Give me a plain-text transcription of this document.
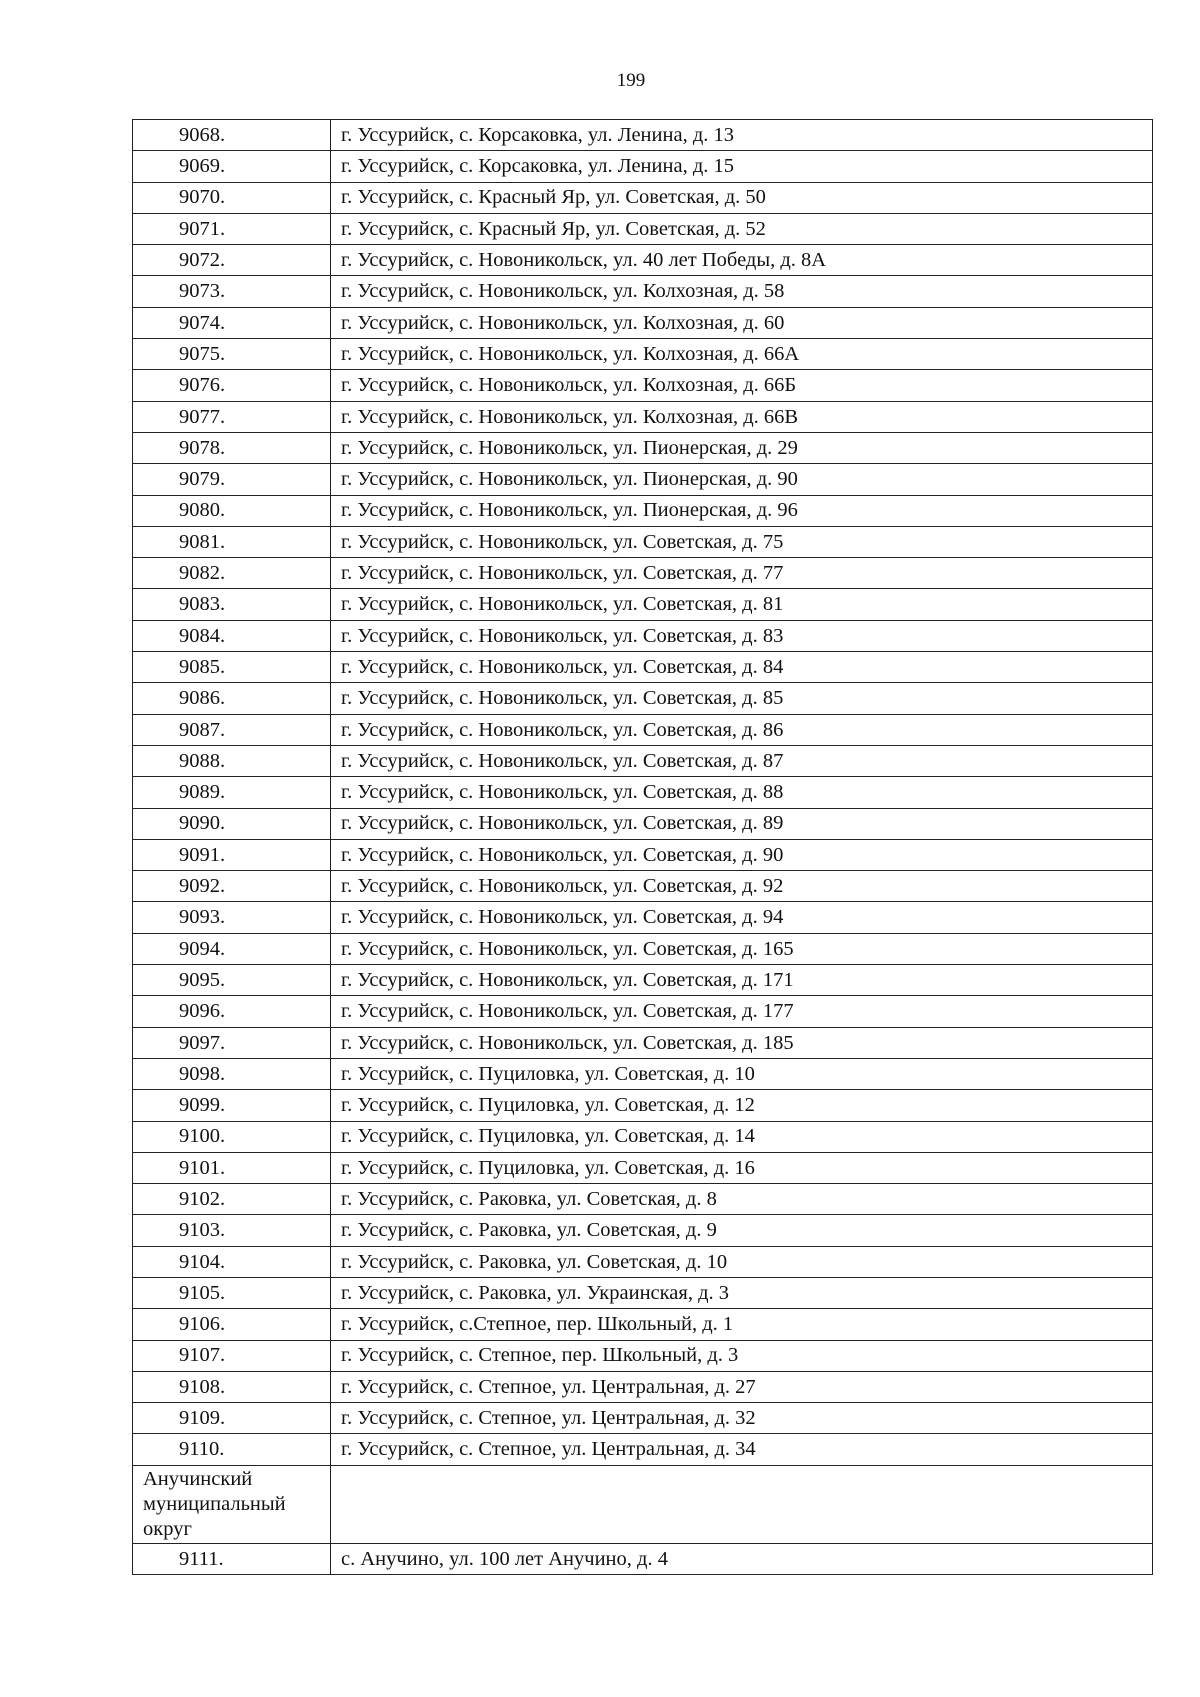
199
9068.	г. Уссурийск, с. Корсаковка, ул. Ленина, д. 13
9069.	г. Уссурийск, с. Корсаковка, ул. Ленина, д. 15
9070.	г. Уссурийск, с. Красный Яр, ул. Советская, д. 50
9071.	г. Уссурийск, с. Красный Яр, ул. Советская, д. 52
9072.	г. Уссурийск, с. Новоникольск, ул. 40 лет Победы, д. 8А
9073.	г. Уссурийск, с. Новоникольск, ул. Колхозная, д. 58
9074.	г. Уссурийск, с. Новоникольск, ул. Колхозная, д. 60
9075.	г. Уссурийск, с. Новоникольск, ул. Колхозная, д. 66А
9076.	г. Уссурийск, с. Новоникольск, ул. Колхозная, д. 66Б
9077.	г. Уссурийск, с. Новоникольск, ул. Колхозная, д. 66В
9078.	г. Уссурийск, с. Новоникольск, ул. Пионерская, д. 29
9079.	г. Уссурийск, с. Новоникольск, ул. Пионерская, д. 90
9080.	г. Уссурийск, с. Новоникольск, ул. Пионерская, д. 96
9081.	г. Уссурийск, с. Новоникольск, ул. Советская, д. 75
9082.	г. Уссурийск, с. Новоникольск, ул. Советская, д. 77
9083.	г. Уссурийск, с. Новоникольск, ул. Советская, д. 81
9084.	г. Уссурийск, с. Новоникольск, ул. Советская, д. 83
9085.	г. Уссурийск, с. Новоникольск, ул. Советская, д. 84
9086.	г. Уссурийск, с. Новоникольск, ул. Советская, д. 85
9087.	г. Уссурийск, с. Новоникольск, ул. Советская, д. 86
9088.	г. Уссурийск, с. Новоникольск, ул. Советская, д. 87
9089.	г. Уссурийск, с. Новоникольск, ул. Советская, д. 88
9090.	г. Уссурийск, с. Новоникольск, ул. Советская, д. 89
9091.	г. Уссурийск, с. Новоникольск, ул. Советская, д. 90
9092.	г. Уссурийск, с. Новоникольск, ул. Советская, д. 92
9093.	г. Уссурийск, с. Новоникольск, ул. Советская, д. 94
9094.	г. Уссурийск, с. Новоникольск, ул. Советская, д. 165
9095.	г. Уссурийск, с. Новоникольск, ул. Советская, д. 171
9096.	г. Уссурийск, с. Новоникольск, ул. Советская, д. 177
9097.	г. Уссурийск, с. Новоникольск, ул. Советская, д. 185
9098.	г. Уссурийск, с. Пуциловка, ул. Советская, д. 10
9099.	г. Уссурийск, с. Пуциловка, ул. Советская, д. 12
9100.	г. Уссурийск, с. Пуциловка, ул. Советская, д. 14
9101.	г. Уссурийск, с. Пуциловка, ул. Советская, д. 16
9102.	г. Уссурийск, с. Раковка, ул. Советская, д. 8
9103.	г. Уссурийск, с. Раковка, ул. Советская, д. 9
9104.	г. Уссурийск, с. Раковка, ул. Советская, д. 10
9105.	г. Уссурийск, с. Раковка, ул. Украинская, д. 3
9106.	г. Уссурийск, с.Степное, пер. Школьный, д. 1
9107.	г. Уссурийск, с. Степное, пер. Школьный, д. 3
9108.	г. Уссурийск, с. Степное, ул. Центральная, д. 27
9109.	г. Уссурийск, с. Степное, ул. Центральная, д. 32
9110.	г. Уссурийск, с. Степное, ул. Центральная, д. 34
Анучинский муниципальный округ	
9111.	с. Анучино, ул. 100 лет Анучино, д. 4
